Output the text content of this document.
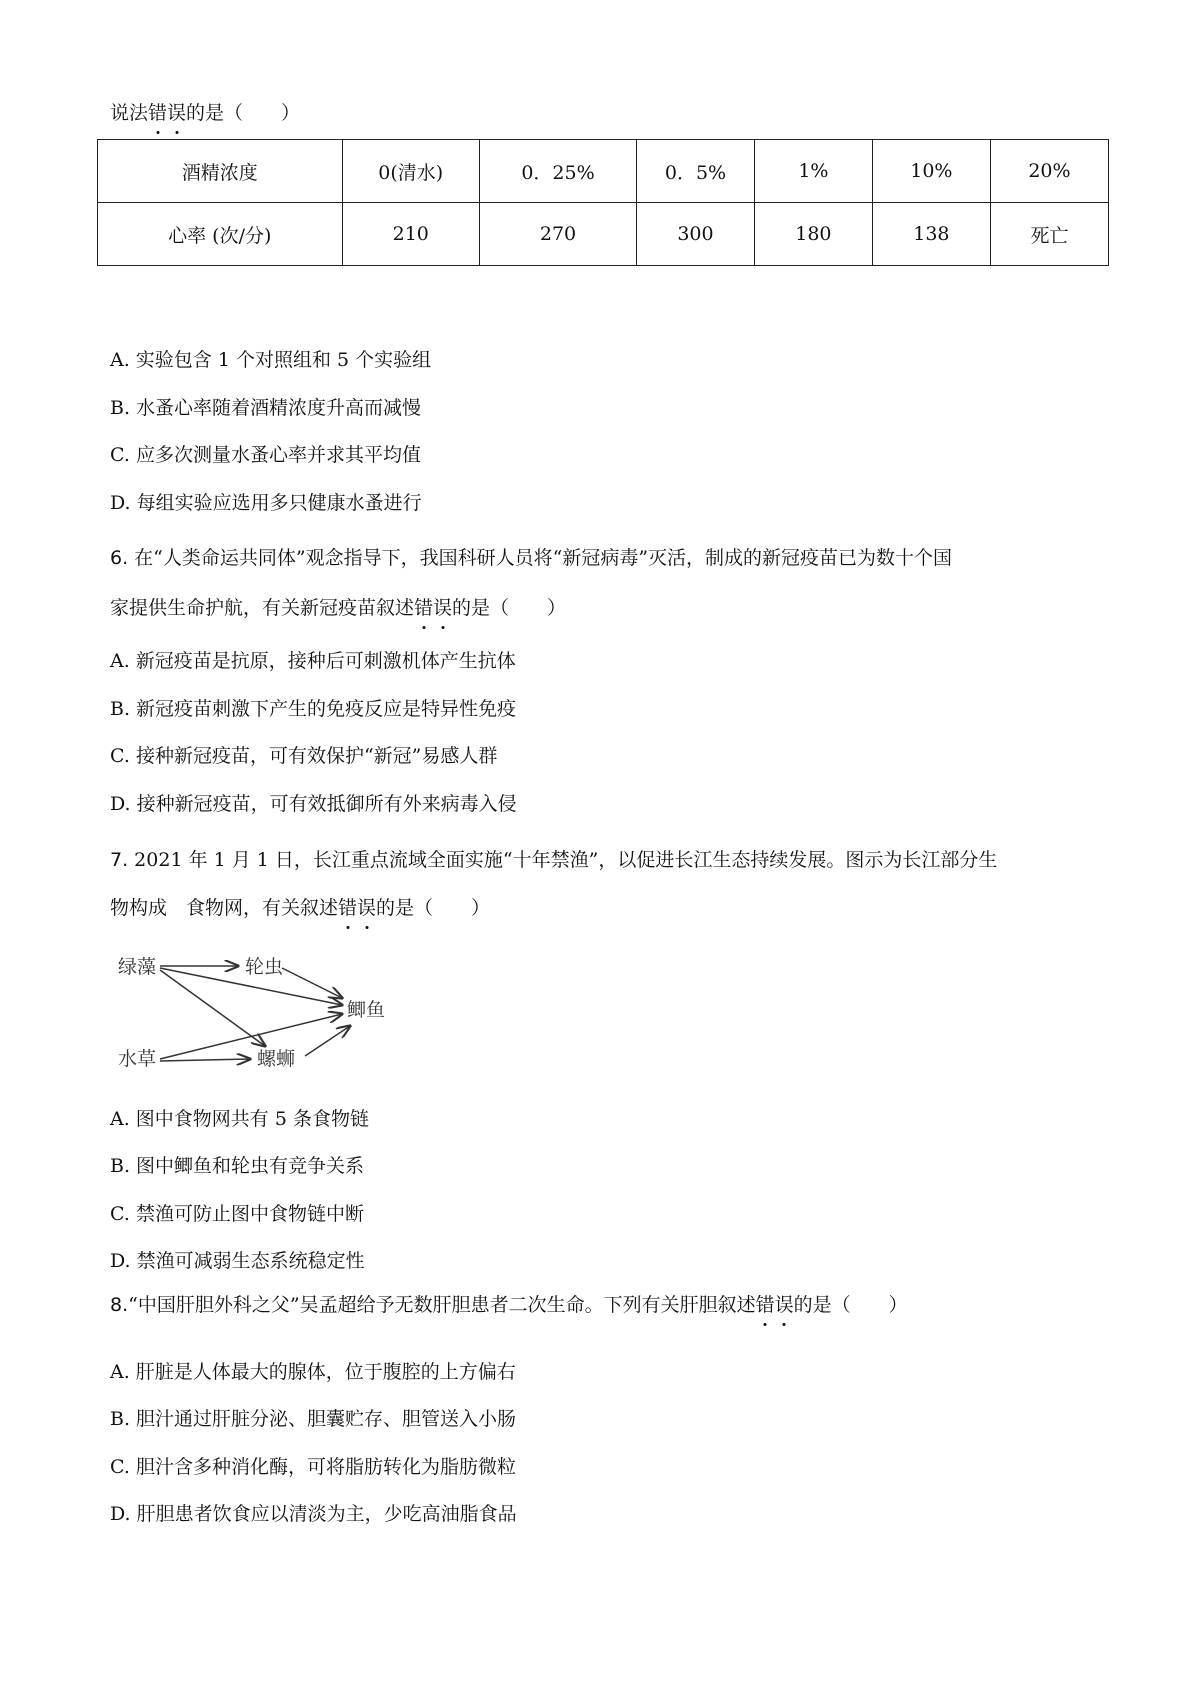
说法错误的是（　　）
酒精浓度	0(清水)	0．25%	0．5%	1%	10%	20%
心率 (次/分)	210	270	300	180	138	死亡
A. 实验包含 1 个对照组和 5 个实验组
B. 水蚤心率随着酒精浓度升高而减慢
C. 应多次测量水蚤心率并求其平均值
D. 每组实验应选用多只健康水蚤进行
6. 在“人类命运共同体”观念指导下，我国科研人员将“新冠病毒”灭活，制成的新冠疫苗已为数十个国
家提供生命护航，有关新冠疫苗叙述错误的是（　　）
A. 新冠疫苗是抗原，接种后可刺激机体产生抗体
B. 新冠疫苗刺激下产生的免疫反应是特异性免疫
C. 接种新冠疫苗，可有效保护“新冠”易感人群
D. 接种新冠疫苗，可有效抵御所有外来病毒入侵
7. 2021 年 1 月 1 日，长江重点流域全面实施“十年禁渔”，以促进长江生态持续发展。图示为长江部分生
物构成　食物网，有关叙述错误的是（　　）
绿藻	轮虫
鲫鱼
水草	螺蛳
A. 图中食物网共有 5 条食物链
B. 图中鲫鱼和轮虫有竞争关系
C. 禁渔可防止图中食物链中断
D. 禁渔可减弱生态系统稳定性
8.“中国肝胆外科之父”吴孟超给予无数肝胆患者二次生命。下列有关肝胆叙述错误的是（　　）
A. 肝脏是人体最大的腺体，位于腹腔的上方偏右
B. 胆汁通过肝脏分泌、胆囊贮存、胆管送入小肠
C. 胆汁含多种消化酶，可将脂肪转化为脂肪微粒
D. 肝胆患者饮食应以清淡为主，少吃高油脂食品
